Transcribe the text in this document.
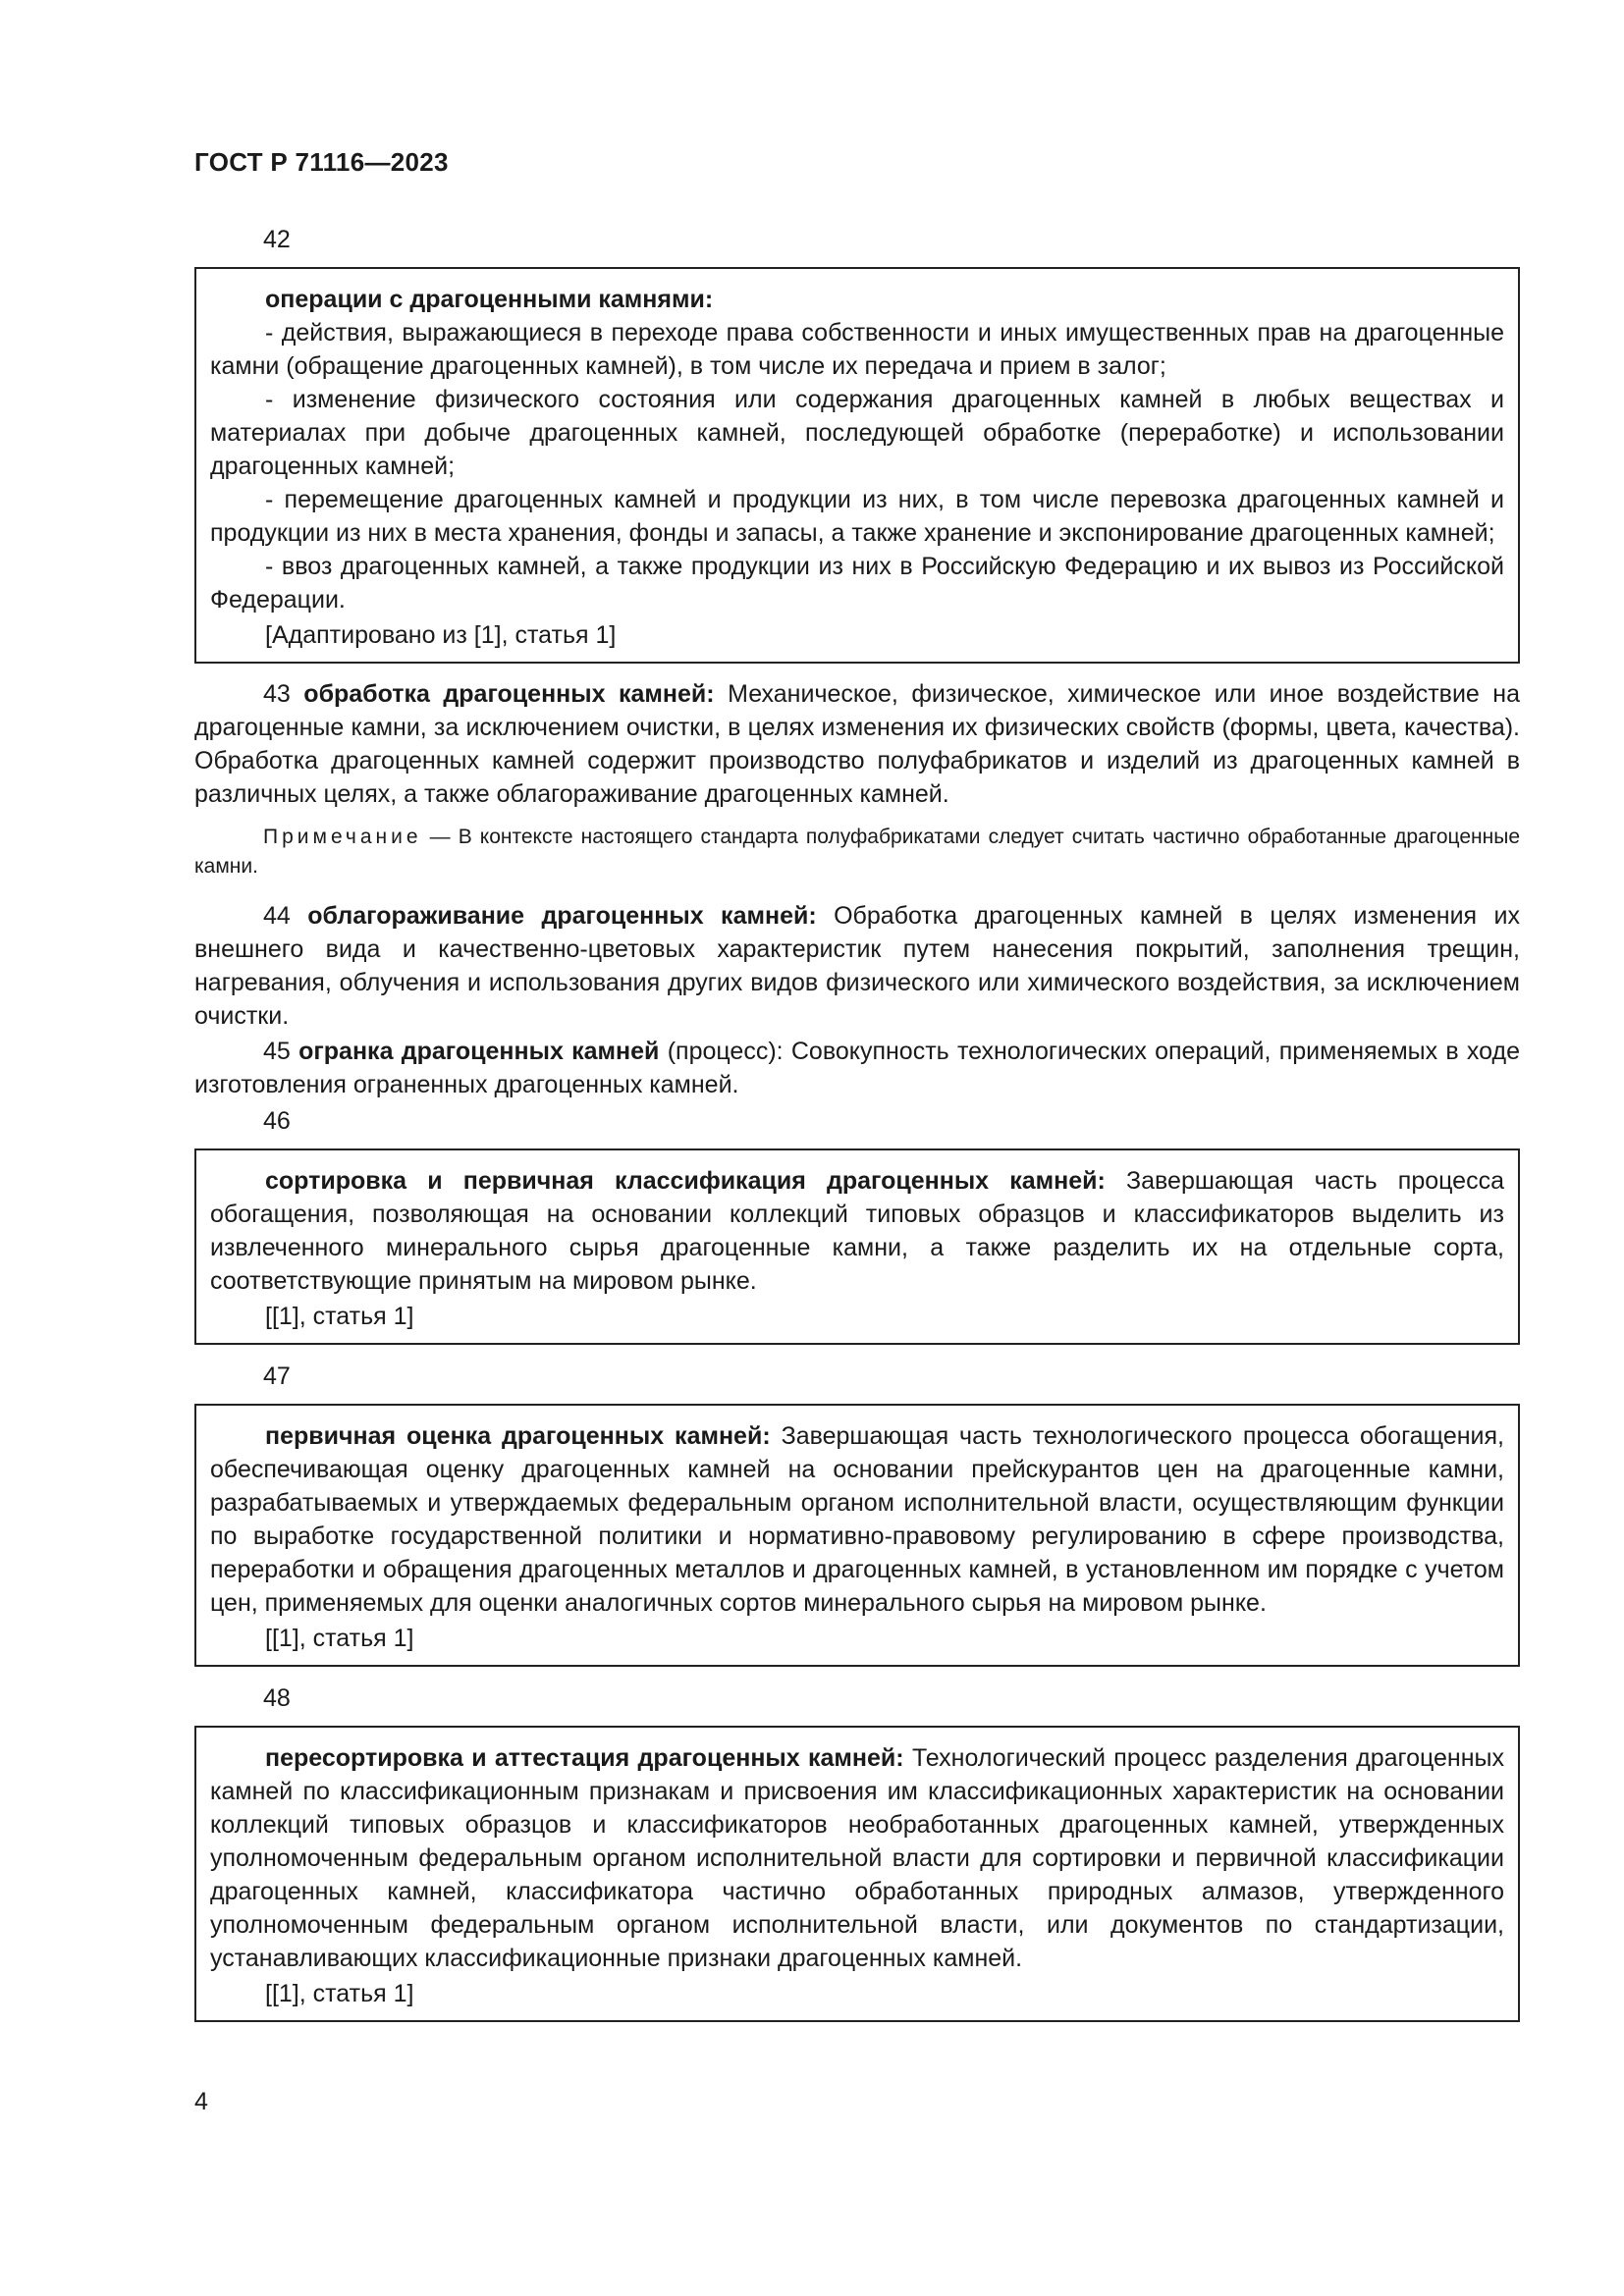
ГОСТ Р 71116—2023
42

операции с драгоценными камнями:

- действия, выражающиеся в переходе права собственности и иных имущественных прав на драгоценные камни (обращение драгоценных камней), в том числе их передача и прием в залог;

- изменение физического состояния или содержания драгоценных камней в любых веществах и материалах при добыче драгоценных камней, последующей обработке (переработке) и использовании драгоценных камней;

- перемещение драгоценных камней и продукции из них, в том числе перевозка драгоценных камней и продукции из них в места хранения, фонды и запасы, а также хранение и экспонирование драгоценных камней;

- ввоз драгоценных камней, а также продукции из них в Российскую Федерацию и их вывоз из Российской Федерации.

[Адаптировано из [1], статья 1]

43 обработка драгоценных камней: Механическое, физическое, химическое или иное воздействие на драгоценные камни, за исключением очистки, в целях изменения их физических свойств (формы, цвета, качества). Обработка драгоценных камней содержит производство полуфабрикатов и изделий из драгоценных камней в различных целях, а также облагораживание драгоценных камней.

Примечание — В контексте настоящего стандарта полуфабрикатами следует считать частично обработанные драгоценные камни.

44 облагораживание драгоценных камней: Обработка драгоценных камней в целях изменения их внешнего вида и качественно-цветовых характеристик путем нанесения покрытий, заполнения трещин, нагревания, облучения и использования других видов физического или химического воздействия, за исключением очистки.

45 огранка драгоценных камней (процесс): Совокупность технологических операций, применяемых в ходе изготовления ограненных драгоценных камней.

46

сортировка и первичная классификация драгоценных камней: Завершающая часть процесса обогащения, позволяющая на основании коллекций типовых образцов и классификаторов выделить из извлеченного минерального сырья драгоценные камни, а также разделить их на отдельные сорта, соответствующие принятым на мировом рынке.

[[1], статья 1]

47

первичная оценка драгоценных камней: Завершающая часть технологического процесса обогащения, обеспечивающая оценку драгоценных камней на основании прейскурантов цен на драгоценные камни, разрабатываемых и утверждаемых федеральным органом исполнительной власти, осуществляющим функции по выработке государственной политики и нормативно-правовому регулированию в сфере производства, переработки и обращения драгоценных металлов и драгоценных камней, в установленном им порядке с учетом цен, применяемых для оценки аналогичных сортов минерального сырья на мировом рынке.

[[1], статья 1]

48

пересортировка и аттестация драгоценных камней: Технологический процесс разделения драгоценных камней по классификационным признакам и присвоения им классификационных характеристик на основании коллекций типовых образцов и классификаторов необработанных драгоценных камней, утвержденных уполномоченным федеральным органом исполнительной власти для сортировки и первичной классификации драгоценных камней, классификатора частично обработанных природных алмазов, утвержденного уполномоченным федеральным органом исполнительной власти, или документов по стандартизации, устанавливающих классификационные признаки драгоценных камней.

[[1], статья 1]

4
